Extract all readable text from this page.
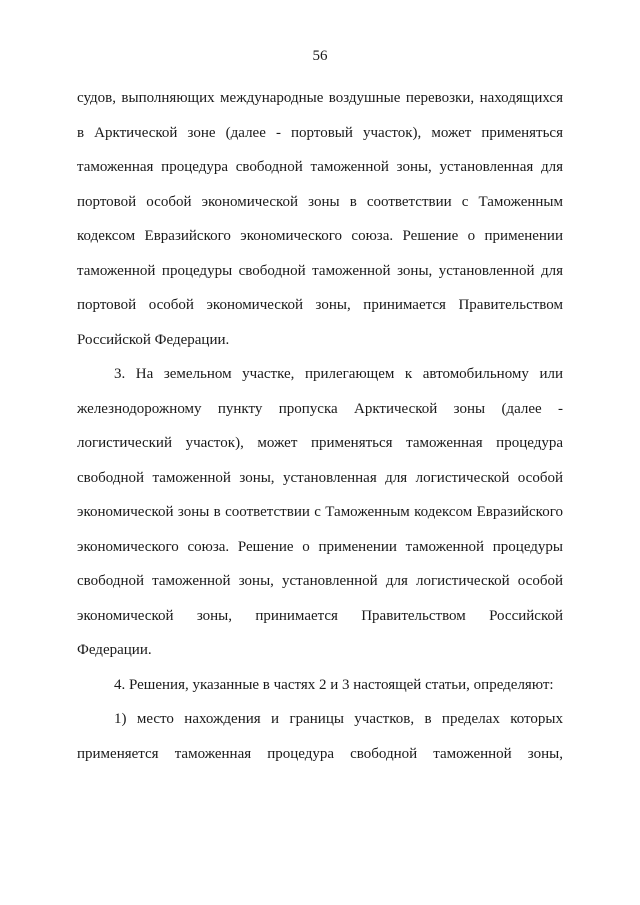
56

судов, выполняющих международные воздушные перевозки, находящихся в Арктической зоне (далее - портовый участок), может применяться таможенная процедура свободной таможенной зоны, установленная для портовой особой экономической зоны в соответствии с Таможенным кодексом Евразийского экономического союза. Решение о применении таможенной процедуры свободной таможенной зоны, установленной для портовой особой экономической зоны, принимается Правительством Российской Федерации.

3. На земельном участке, прилегающем к автомобильному или железнодорожному пункту пропуска Арктической зоны (далее - логистический участок), может применяться таможенная процедура свободной таможенной зоны, установленная для логистической особой экономической зоны в соответствии с Таможенным кодексом Евразийского экономического союза. Решение о применении таможенной процедуры свободной таможенной зоны, установленной для логистической особой экономической зоны, принимается Правительством Российской Федерации.

4. Решения, указанные в частях 2 и 3 настоящей статьи, определяют:

1) место нахождения и границы участков, в пределах которых применяется таможенная процедура свободной таможенной зоны,
